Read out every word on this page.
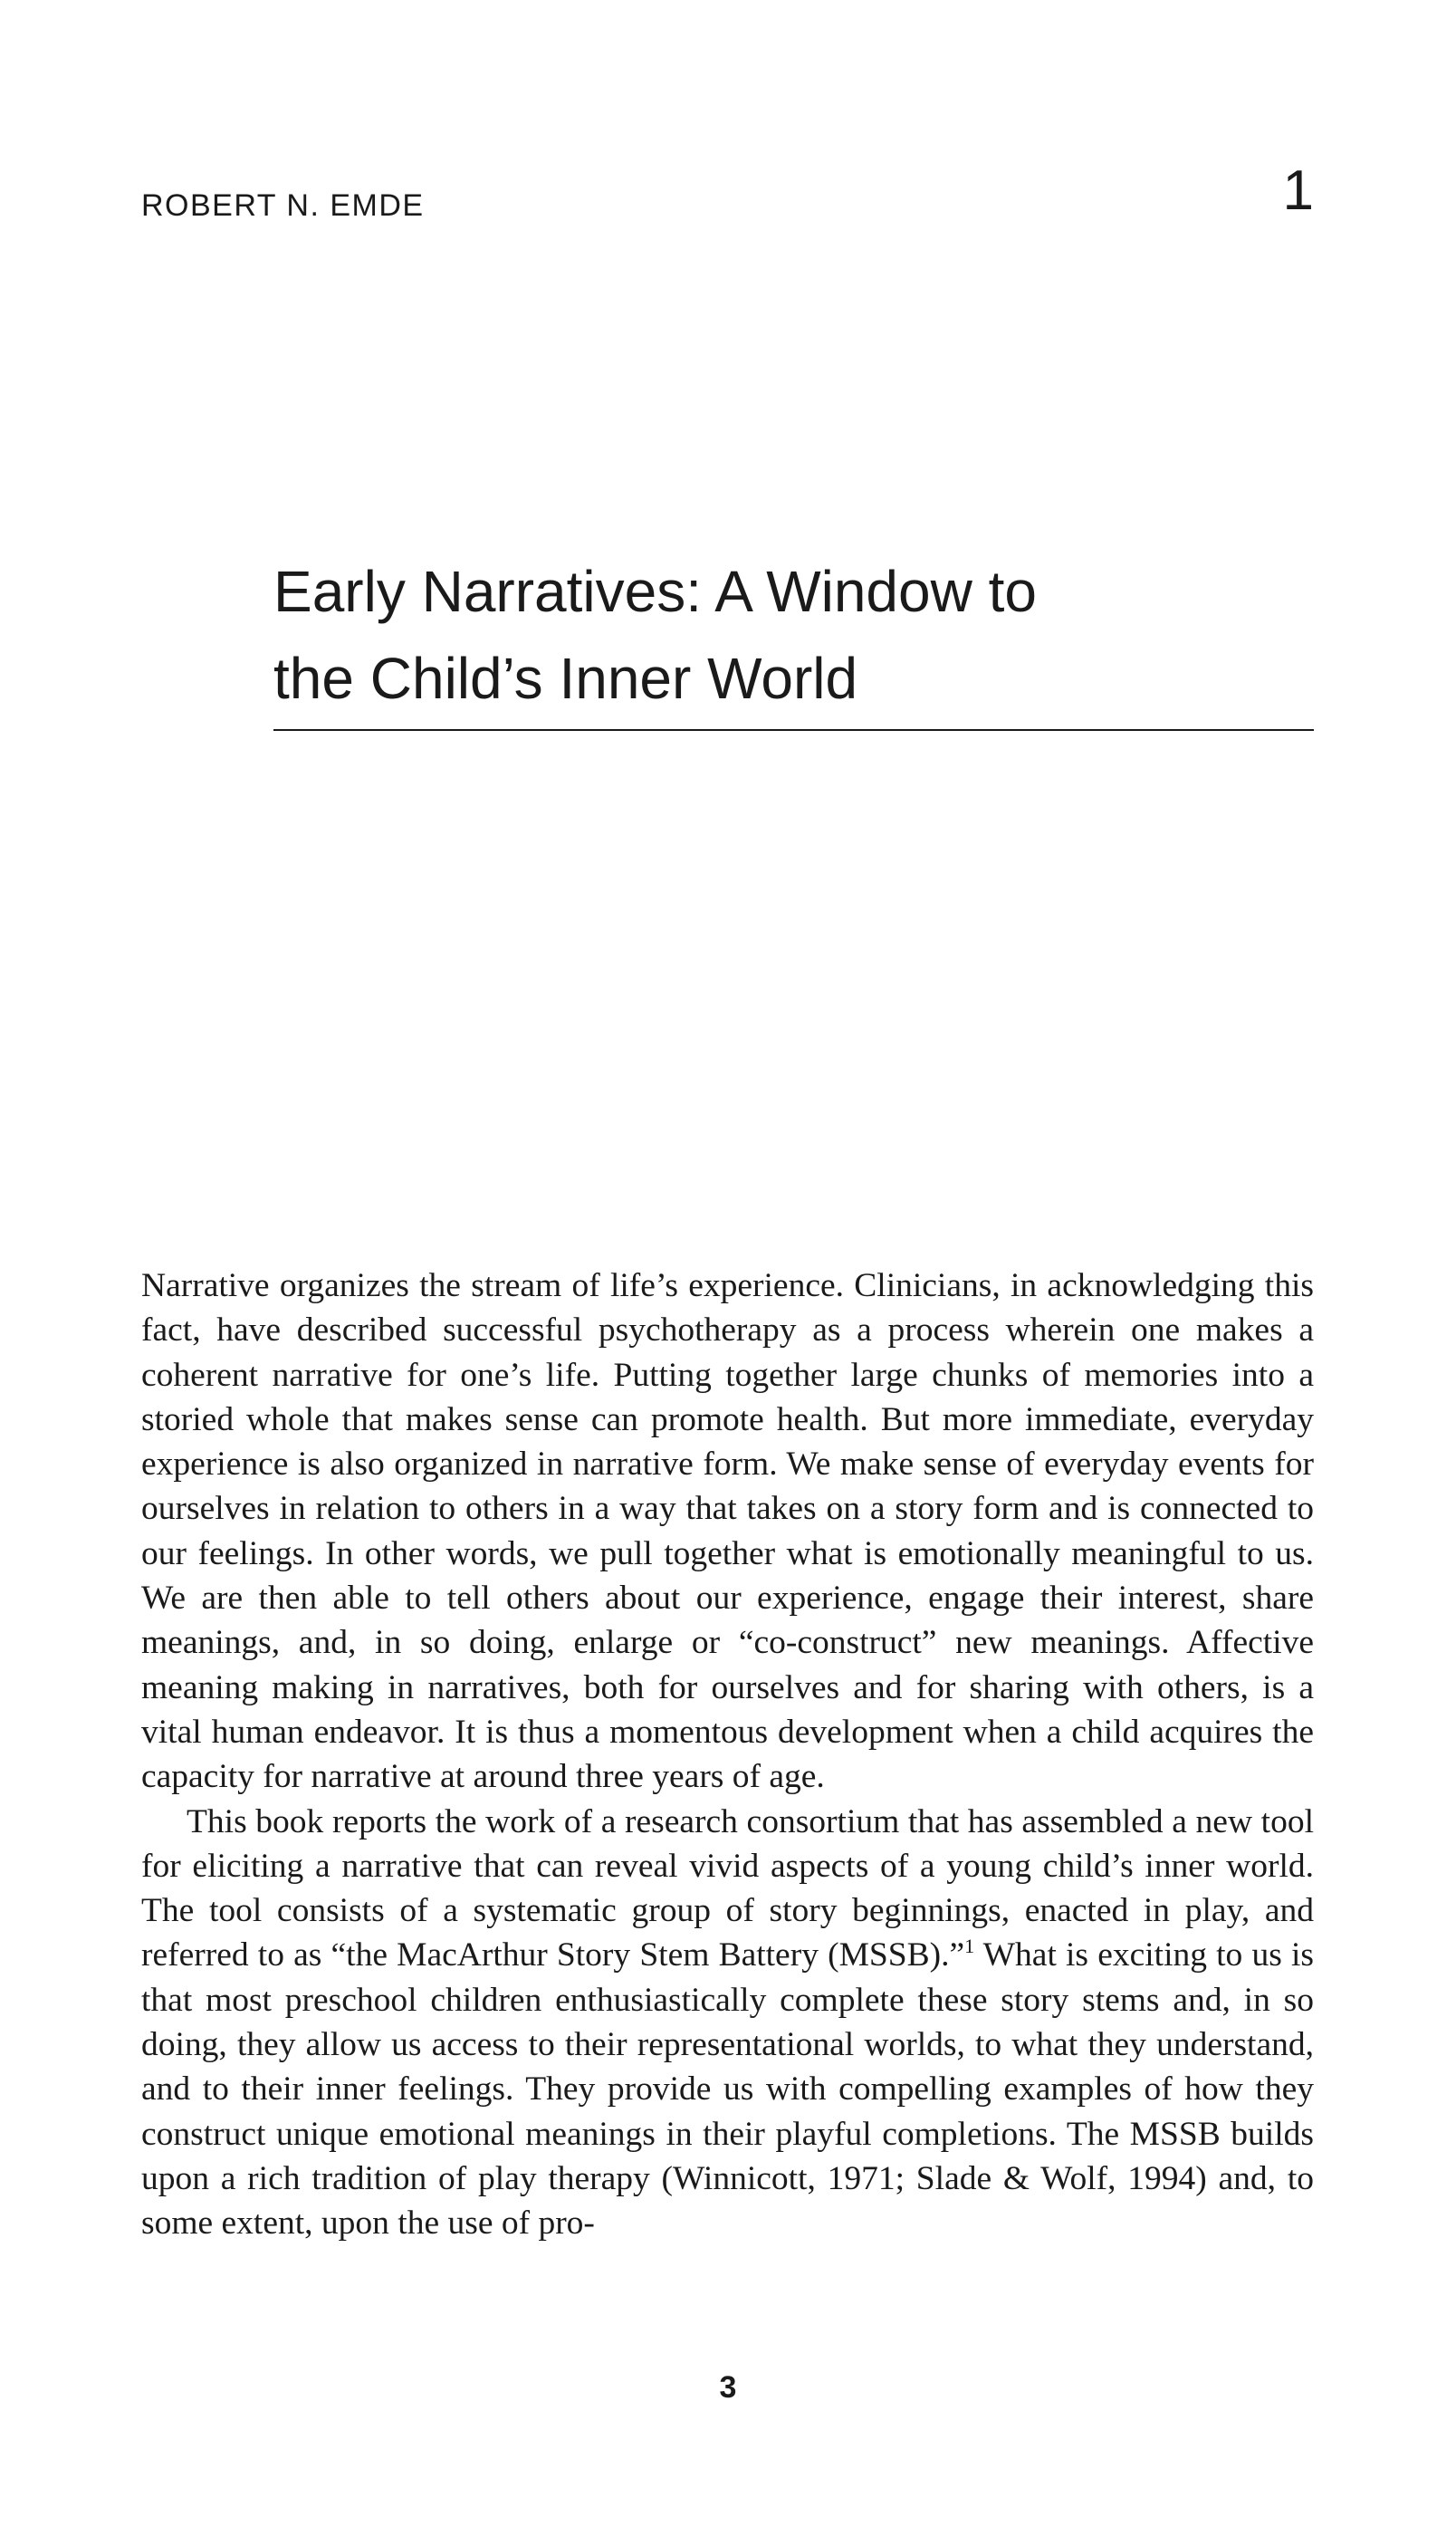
ROBERT N. EMDE	1
Early Narratives: A Window to
the Child’s Inner World

Narrative organizes the stream of life’s experience. Clinicians, in acknowledging this fact, have described successful psychotherapy as a process wherein one makes a coherent narrative for one’s life. Putting together large chunks of memories into a storied whole that makes sense can promote health. But more immediate, everyday experience is also organized in narrative form. We make sense of everyday events for ourselves in relation to others in a way that takes on a story form and is connected to our feelings. In other words, we pull together what is emotionally meaningful to us. We are then able to tell others about our experience, engage their interest, share meanings, and, in so doing, enlarge or “co-construct” new meanings. Affective meaning making in narratives, both for ourselves and for sharing with others, is a vital human endeavor. It is thus a momentous development when a child acquires the capacity for narrative at around three years of age.

This book reports the work of a research consortium that has assembled a new tool for eliciting a narrative that can reveal vivid aspects of a young child’s inner world. The tool consists of a systematic group of story beginnings, enacted in play, and referred to as “the MacArthur Story Stem Battery (MSSB).”$^1$ What is exciting to us is that most preschool children enthusiastically complete these story stems and, in so doing, they allow us access to their representational worlds, to what they understand, and to their inner feelings. They provide us with compelling examples of how they construct unique emotional meanings in their playful completions. The MSSB builds upon a rich tradition of play therapy (Winnicott, 1971; Slade & Wolf, 1994) and, to some extent, upon the use of pro-

3
